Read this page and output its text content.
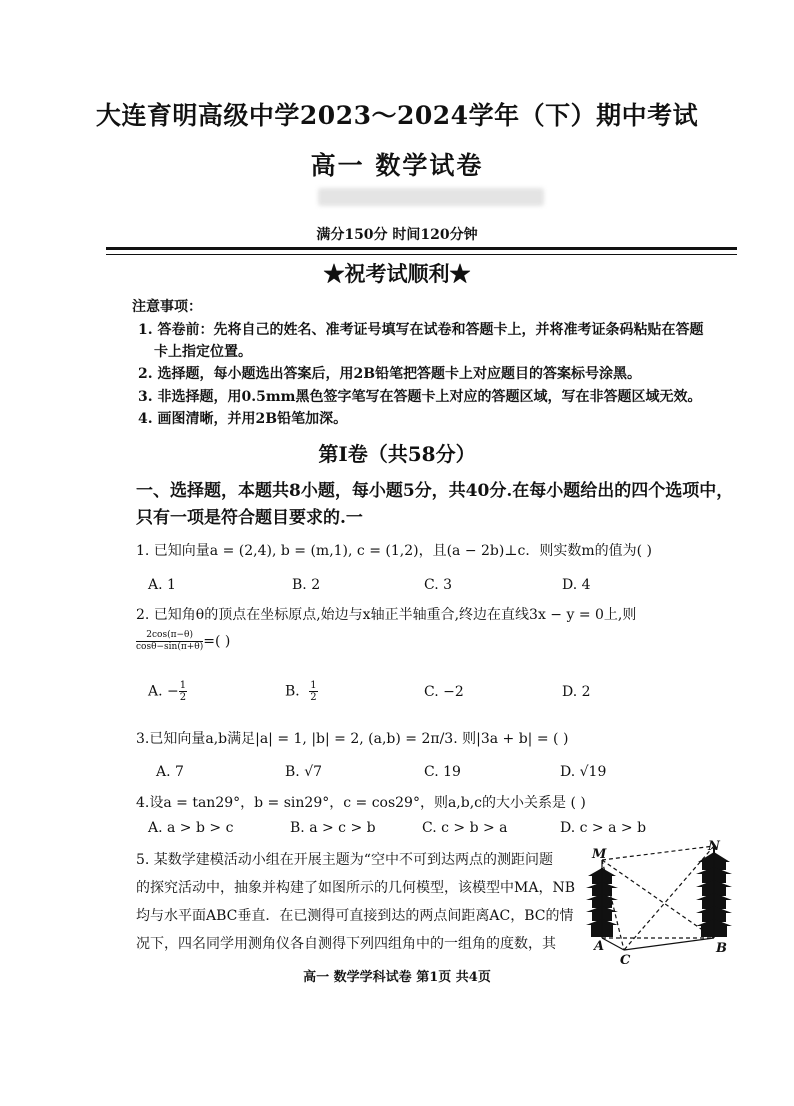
大连育明高级中学2023～2024学年（下）期中考试
高一 数学试卷
满分150分 时间120分钟
★祝考试顺利★
注意事项：
1. 答卷前：先将自己的姓名、准考证号填写在试卷和答题卡上，并将准考证条码粘贴在答题
卡上指定位置。
2. 选择题，每小题选出答案后，用2B铅笔把答题卡上对应题目的答案标号涂黑。
3. 非选择题，用0.5mm黑色签字笔写在答题卡上对应的答题区域，写在非答题区域无效。
4. 画图清晰，并用2B铅笔加深。
第Ⅰ卷（共58分）
一、选择题，本题共8小题，每小题5分，共40分.在每小题给出的四个选项中，
只有一项是符合题目要求的.一
1. 已知向量a = (2,4), b = (m,1), c = (1,2)，且(a − 2b)⊥c．则实数m的值为( )
A. 1	B. 2	C. 3	D. 4
2. 已知角θ的顶点在坐标原点,始边与x轴正半轴重合,终边在直线3x − y = 0上,则
$\frac{2\cos(\pi-\theta)}{\cos\theta-\sin(\pi+\theta)}$ =( )
A. − $\frac{1}{2}$	B． $\frac{1}{2}$	C. −2	D. 2
3.已知向量a,b满足|a| = 1, |b| = 2, (a,b) = 2π/3. 则|3a + b| = ( )
A. 7	B. √7	C. 19	D. √19
4.设a = tan29°，b = sin29°，c = cos29°，则a,b,c的大小关系是 ( )
A. a > b > c	B. a > c > b	C. c > b > a	D. c > a > b
5. 某数学建模活动小组在开展主题为“空中不可到达两点的测距问题
的探究活动中，抽象并构建了如图所示的几何模型，该模型中MA，NB
均与水平面ABC垂直．在已测得可直接到达的两点间距离AC，BC的情
况下，四名同学用测角仪各自测得下列四组角中的一组角的度数，其
M
N
A	B
C
高一 数学学科试卷 第1页 共4页
